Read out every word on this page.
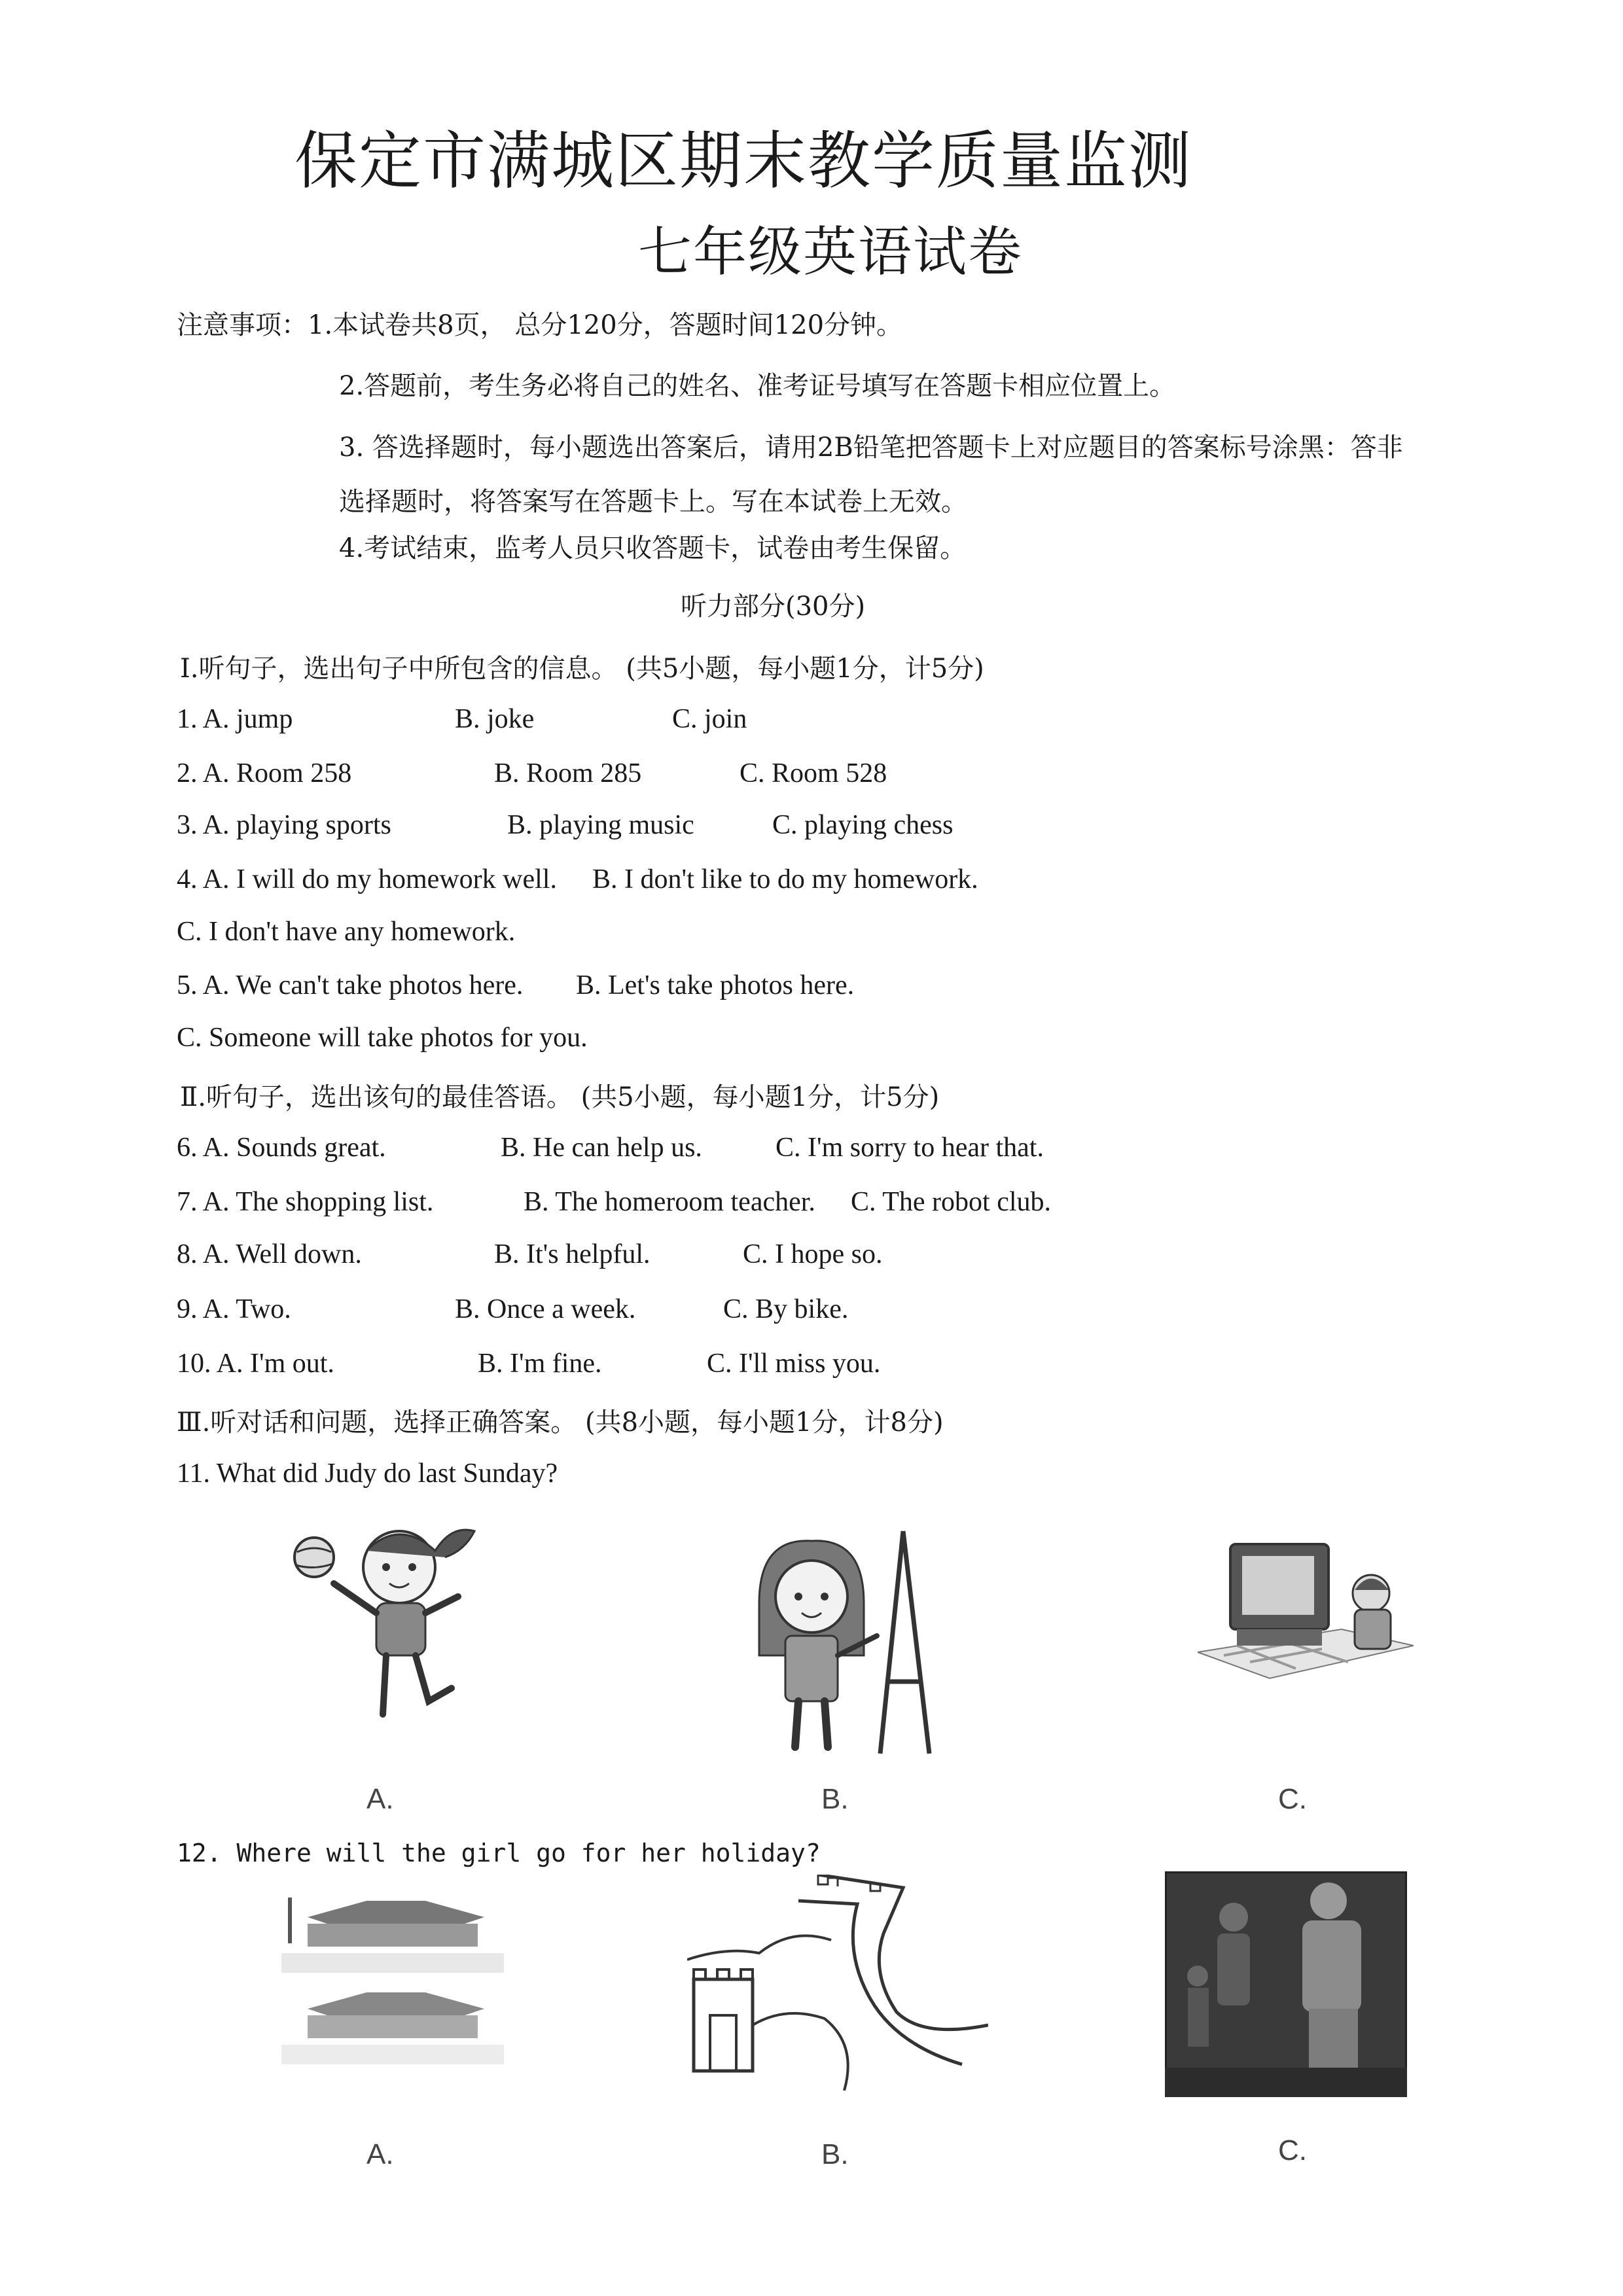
保定市满城区期末教学质量监测
七年级英语试卷
注意事项：1.本试卷共8页， 总分120分，答题时间120分钟。
2.答题前，考生务必将自己的姓名、准考证号填写在答题卡相应位置上。
3. 答选择题时，每小题选出答案后，请用2B铅笔把答题卡上对应题目的答案标号涂黑：答非
选择题时，将答案写在答题卡上。写在本试卷上无效。
4.考试结束，监考人员只收答题卡，试卷由考生保留。
听力部分(30分)
Ⅰ.听句子，选出句子中所包含的信息。 (共5小题，每小题1分，计5分)
1. A. jump	B. joke	C. join
2. A. Room 258	B. Room 285	C. Room 528
3. A. playing sports	B. playing music	C. playing chess
4. A. I will do my homework well. B. I don't like to do my homework.
C. I don't have any homework.
5. A. We can't take photos here. B. Let's take photos here.
C. Someone will take photos for you.
Ⅱ.听句子，选出该句的最佳答语。 (共5小题，每小题1分，计5分)
6. A. Sounds great.	B. He can help us.	C. I'm sorry to hear that.
7. A. The shopping list.	B. The homeroom teacher. C. The robot club.
8. A. Well down.	B. It's helpful.	C. I hope so.
9. A. Two.	B. Once a week.	C. By bike.
10. A. I'm out.	B. I'm fine.	C. I'll miss you.
Ⅲ.听对话和问题，选择正确答案。 (共8小题，每小题1分，计8分)
11. What did Judy do last Sunday?
A.	B.	C.
12. Where will the girl go for her holiday?
A.	B.	C.
